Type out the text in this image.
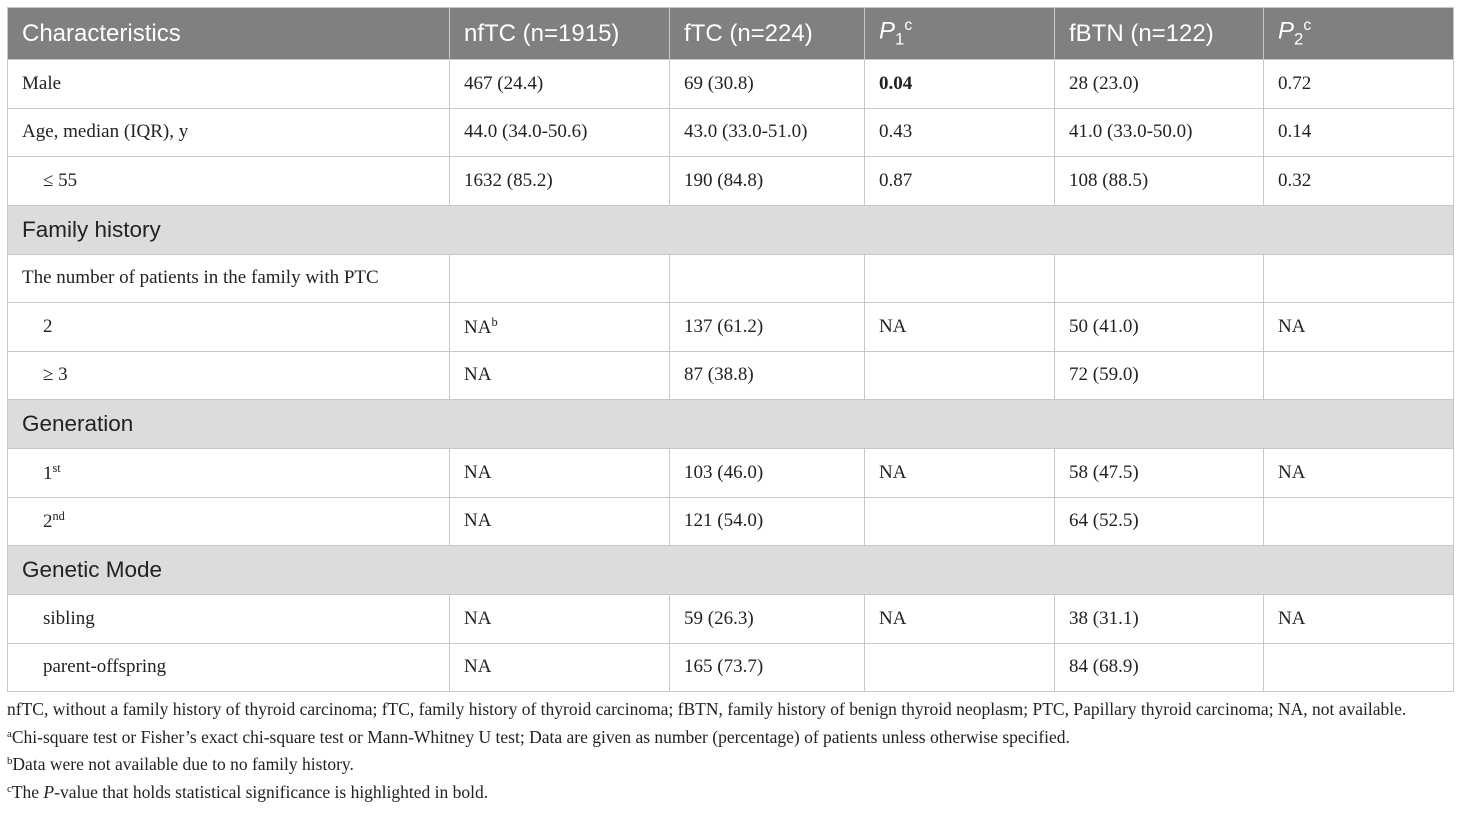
Characteristics	nfTC (n=1915)	fTC (n=224)	$P_1^c$	fBTN (n=122)	$P_2^c$
Male	467 (24.4)	69 (30.8)	0.04	28 (23.0)	0.72
Age, median (IQR), y	44.0 (34.0-50.6)	43.0 (33.0-51.0)	0.43	41.0 (33.0-50.0)	0.14
≤ 55	1632 (85.2)	190 (84.8)	0.87	108 (88.5)	0.32
Family history					
The number of patients in the family with PTC					
2	$NA^b$	137 (61.2)	NA	50 (41.0)	NA
≥ 3	NA	87 (38.8)		72 (59.0)	
Generation					
1st	NA	103 (46.0)	NA	58 (47.5)	NA
2nd	NA	121 (54.0)		64 (52.5)	
Genetic Mode					
sibling	NA	59 (26.3)	NA	38 (31.1)	NA
parent-offspring	NA	165 (73.7)		84 (68.9)	

nfTC, without a family history of thyroid carcinoma; fTC, family history of thyroid carcinoma; fBTN, family history of benign thyroid neoplasm; PTC, Papillary thyroid carcinoma; NA, not available.

$^a$Chi-square test or Fisher’s exact chi-square test or Mann-Whitney U test; Data are given as number (percentage) of patients unless otherwise specified.

$^b$Data were not available due to no family history.

$^c$The P-value that holds statistical significance is highlighted in bold.
